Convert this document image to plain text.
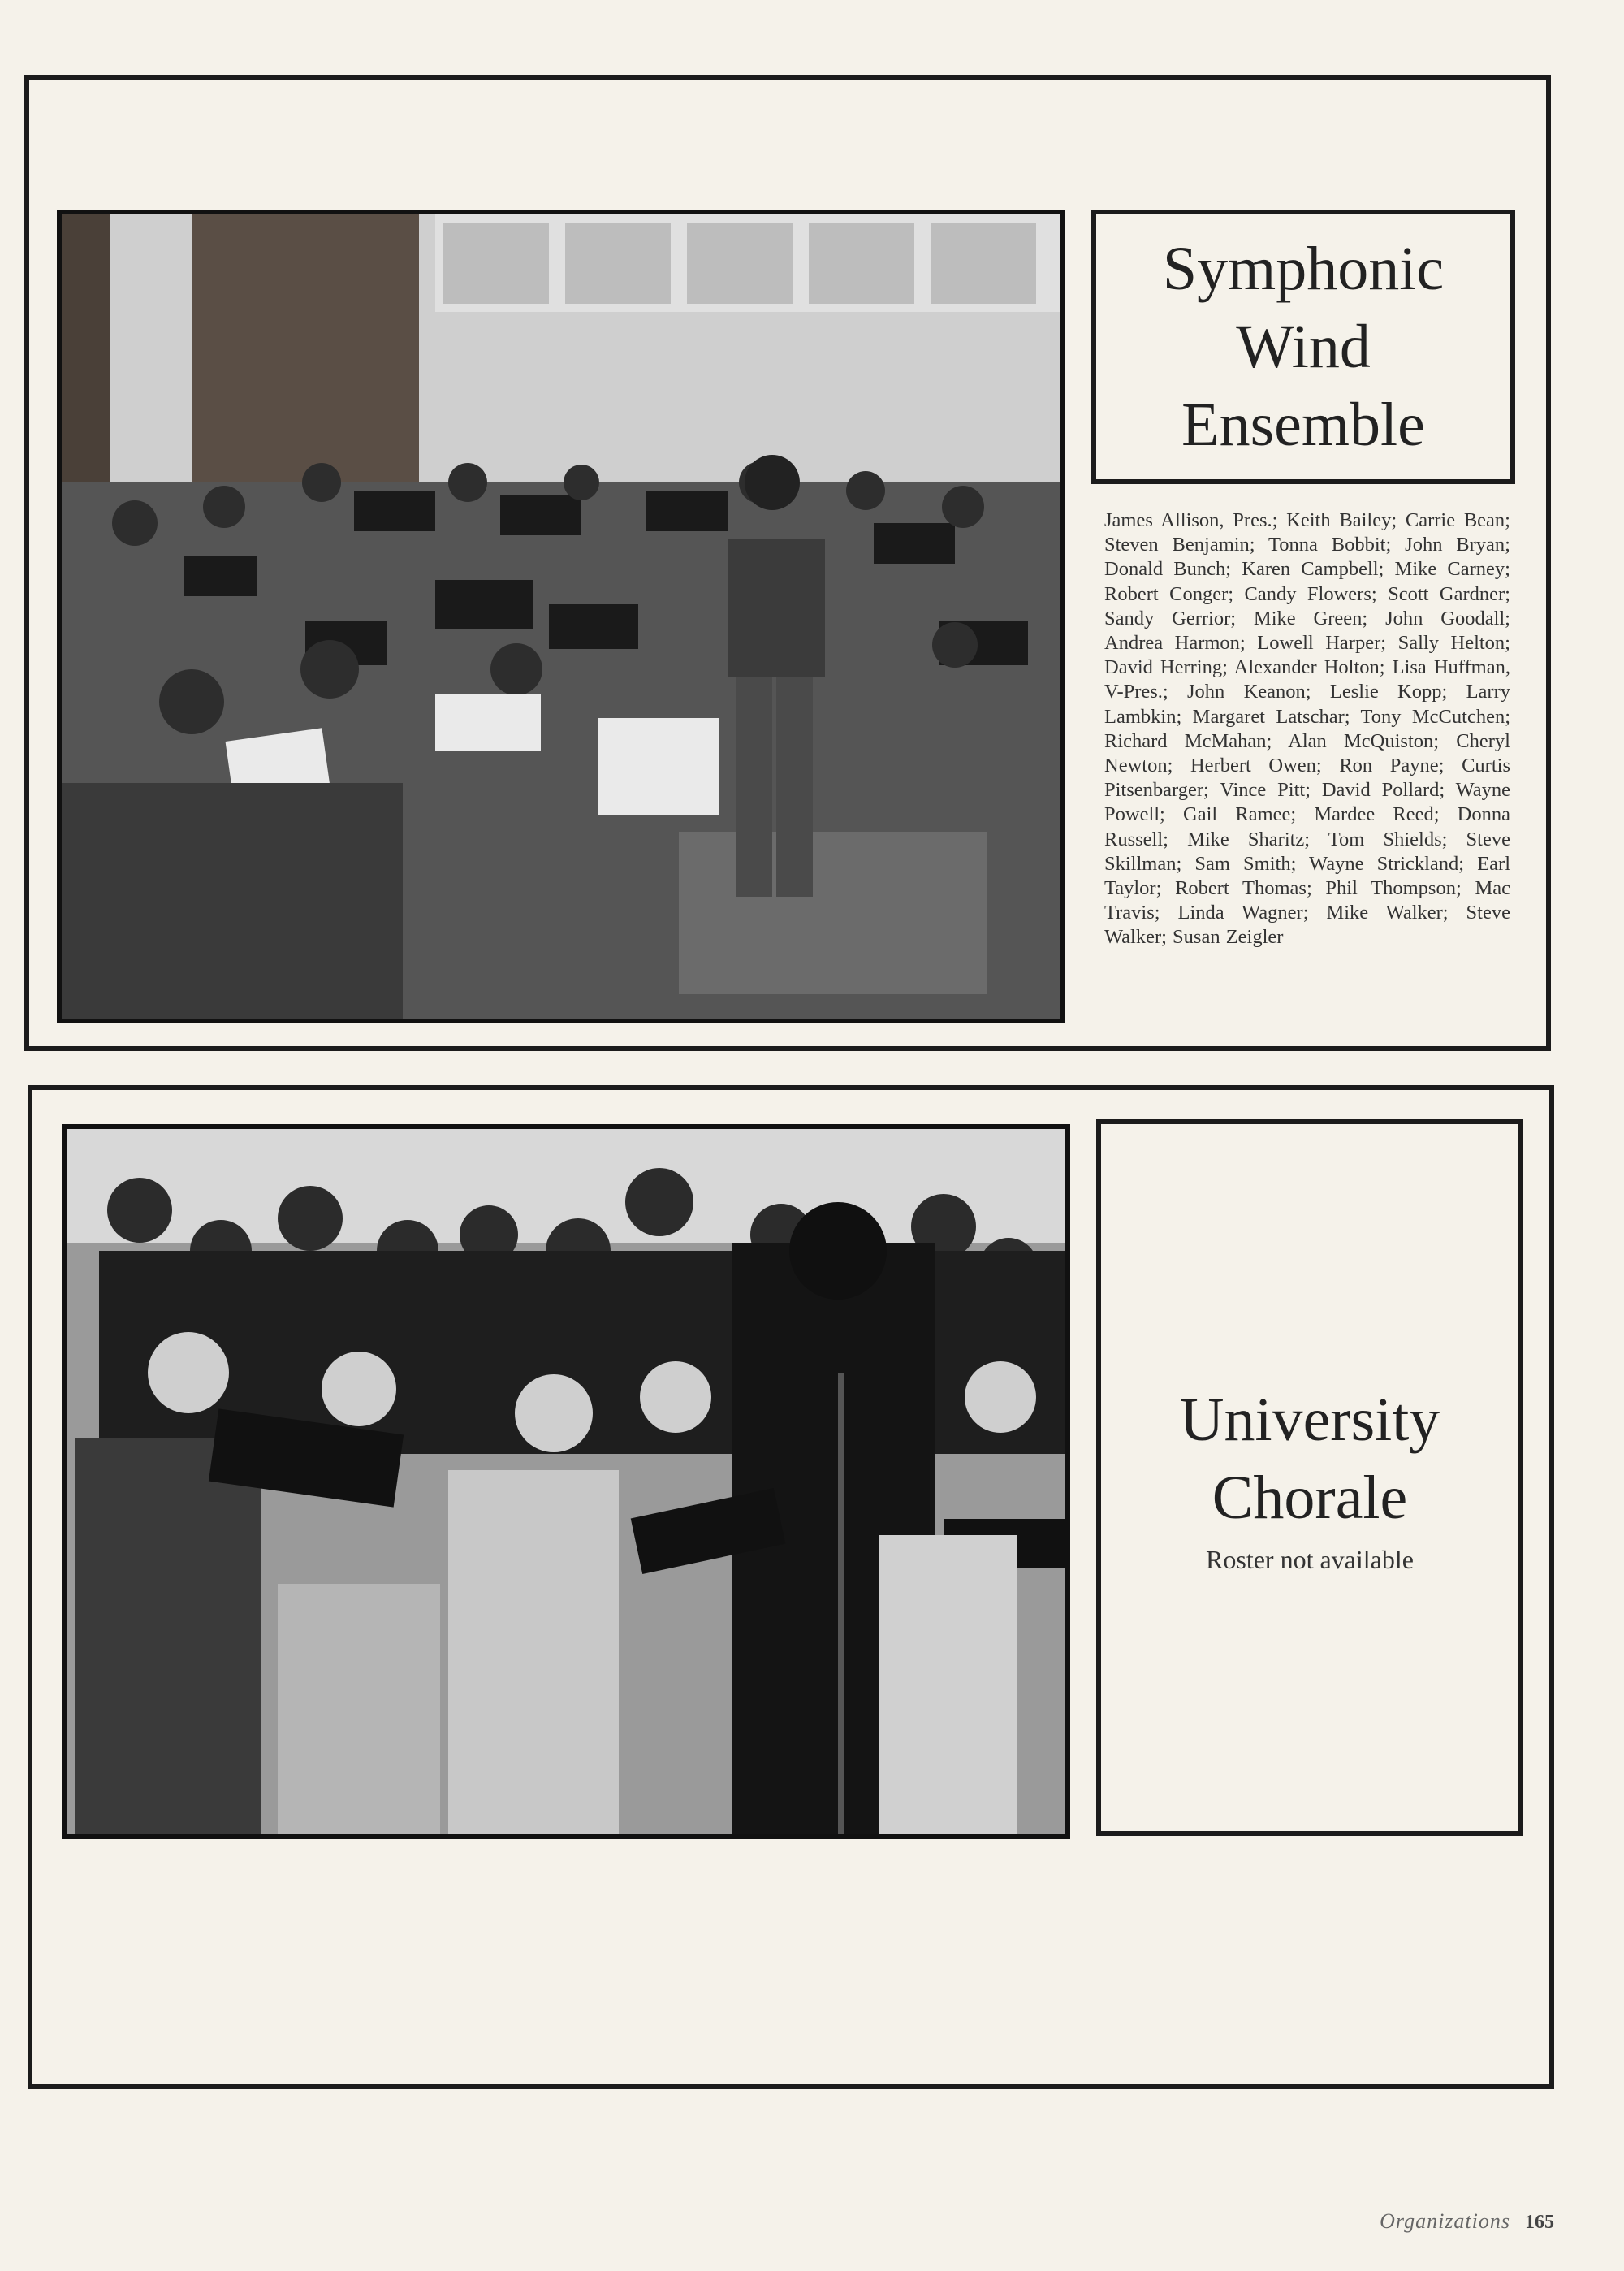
Symphonic
Wind
Ensemble
James Allison, Pres.; Keith Bailey; Carrie Bean; Steven Benjamin; Tonna Bobbit; John Bryan; Donald Bunch; Karen Campbell; Mike Carney; Robert Conger; Candy Flowers; Scott Gardner; Sandy Gerrior; Mike Green; John Goodall; Andrea Harmon; Lowell Harper; Sally Helton; David Herring; Alexander Holton; Lisa Huffman, V-Pres.; John Keanon; Leslie Kopp; Larry Lambkin; Margaret Latschar; Tony McCutchen; Richard McMahan; Alan McQuiston; Cheryl Newton; Herbert Owen; Ron Payne; Curtis Pitsenbarger; Vince Pitt; David Pollard; Wayne Powell; Gail Ramee; Mardee Reed; Donna Russell; Mike Sharitz; Tom Shields; Steve Skillman; Sam Smith; Wayne Strickland; Earl Taylor; Robert Thomas; Phil Thompson; Mac Travis; Linda Wagner; Mike Walker; Steve Walker; Susan Zeigler
University
Chorale
Roster not available
Organizations 165
